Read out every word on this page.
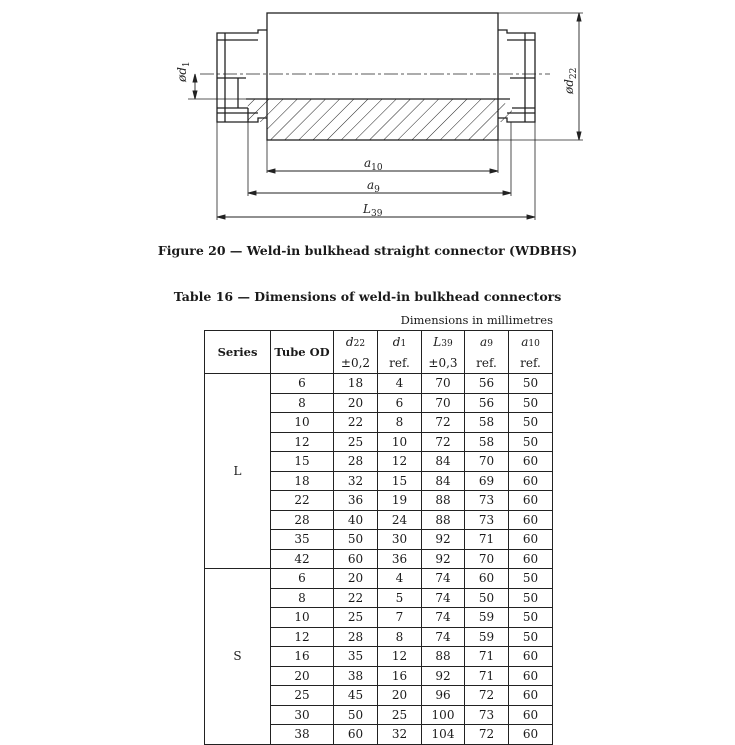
$a_{10}$
$a_9$
$L_{39}$
$ød_1$
$ød_{22}$
Figure 20 — Weld-in bulkhead straight connector (WDBHS)
Table 16 — Dimensions of weld-in bulkhead connectors
Dimensions in millimetres
Series	Tube OD	d22	d1	L39	a9	a10
		±0,2	ref.	±0,3	ref.	ref.
L	6	18	4	70	56	50
	8	20	6	70	56	50
	10	22	8	72	58	50
	12	25	10	72	58	50
	15	28	12	84	70	60
	18	32	15	84	69	60
	22	36	19	88	73	60
	28	40	24	88	73	60
	35	50	30	92	71	60
	42	60	36	92	70	60
S	6	20	4	74	60	50
	8	22	5	74	50	50
	10	25	7	74	59	50
	12	28	8	74	59	50
	16	35	12	88	71	60
	20	38	16	92	71	60
	25	45	20	96	72	60
	30	50	25	100	73	60
	38	60	32	104	72	60
